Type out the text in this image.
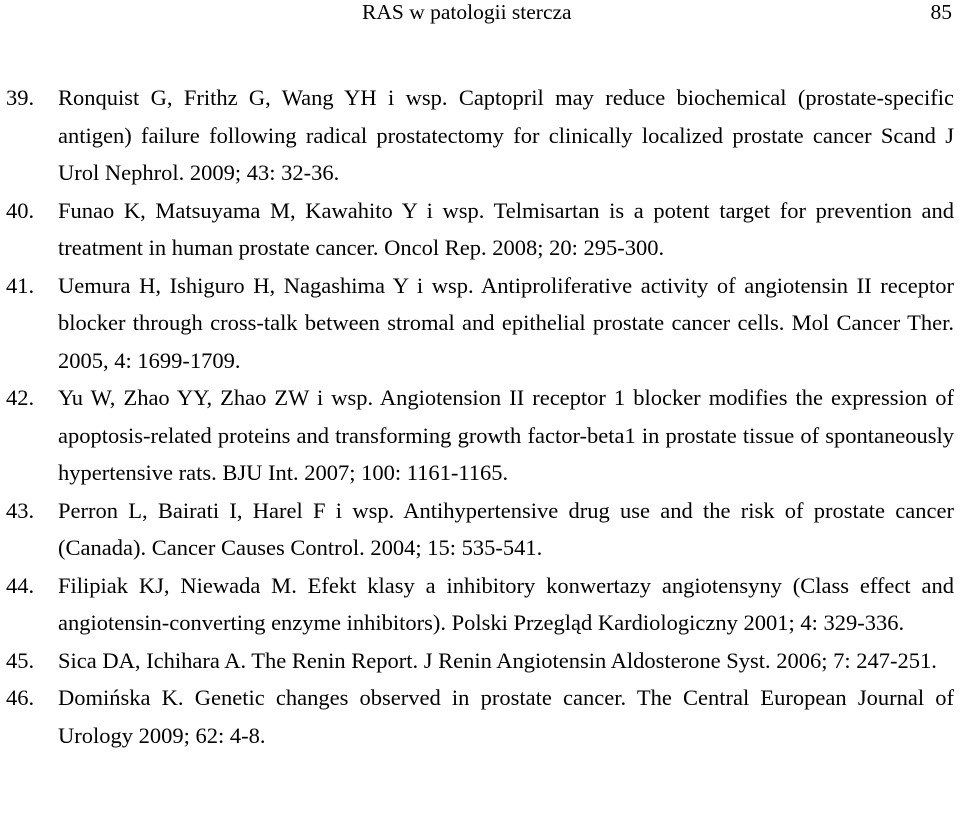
RAS w patologii stercza	85
39. Ronquist G, Frithz G, Wang YH i wsp. Captopril may reduce biochemical (prostate-specific antigen) failure following radical prostatectomy for clinically localized prostate cancer Scand J Urol Nephrol. 2009; 43: 32-36.
40. Funao K, Matsuyama M, Kawahito Y i wsp. Telmisartan is a potent target for prevention and treatment in human prostate cancer. Oncol Rep. 2008; 20: 295-300.
41. Uemura H, Ishiguro H, Nagashima Y i wsp. Antiproliferative activity of angiotensin II receptor blocker through cross-talk between stromal and epithelial prostate cancer cells. Mol Cancer Ther. 2005, 4: 1699-1709.
42. Yu W, Zhao YY, Zhao ZW i wsp. Angiotension II receptor 1 blocker modifies the expression of apoptosis-related proteins and transforming growth factor-beta1 in prostate tissue of spontaneously hypertensive rats. BJU Int. 2007; 100: 1161-1165.
43. Perron L, Bairati I, Harel F i wsp. Antihypertensive drug use and the risk of prostate cancer (Canada). Cancer Causes Control. 2004; 15: 535-541.
44. Filipiak KJ, Niewada M. Efekt klasy a inhibitory konwertazy angiotensyny (Class effect and angiotensin-converting enzyme inhibitors). Polski Przegląd Kardiologiczny 2001; 4: 329-336.
45. Sica DA, Ichihara A. The Renin Report. J Renin Angiotensin Aldosterone Syst. 2006; 7: 247-251.
46. Domińska K. Genetic changes observed in prostate cancer. The Central European Journal of Urology 2009; 62: 4-8.
